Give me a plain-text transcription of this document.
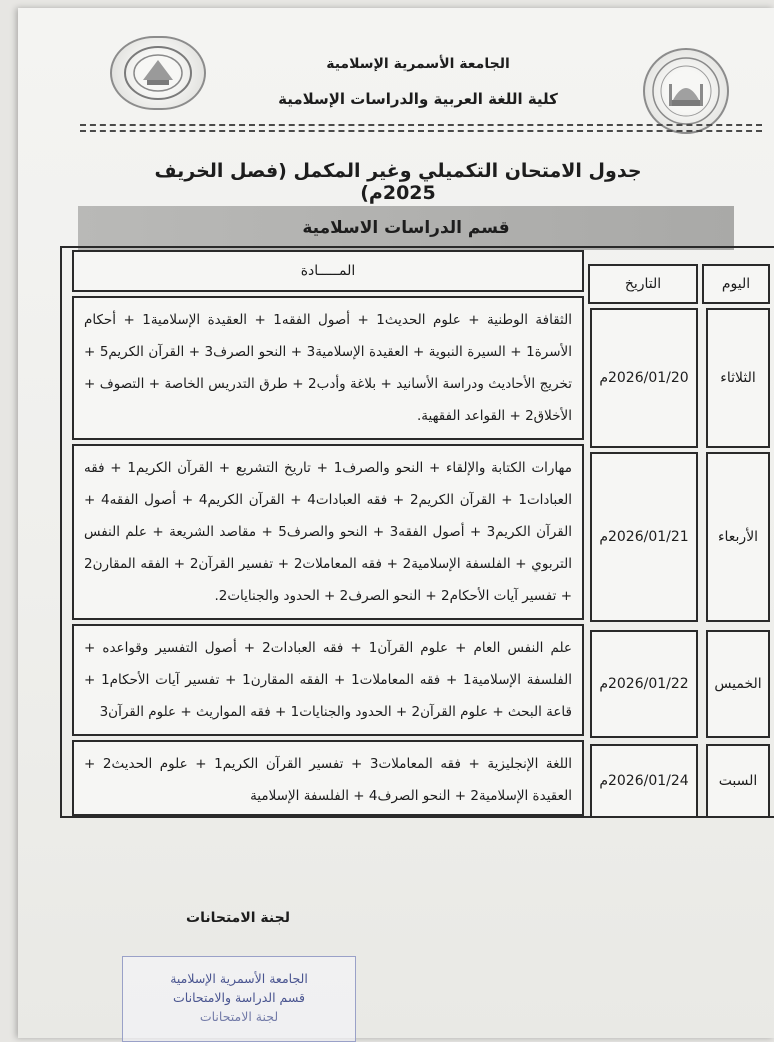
الجامعة الأسمرية الإسلامية
كلية اللغة العربية والدراسات الإسلامية
جدول الامتحان التكميلي وغير المكمل (فصل الخريف 2025م)
قسم الدراسات الاسلامية
اليوم
التاريخ
المـــــادة
الثلاثاء
2026/01/20م
الثقافة الوطنية + علوم الحديث1 + أصول الفقه1 + العقيدة الإسلامية1 + أحكام الأسرة1 + السيرة النبوية + العقيدة الإسلامية3 + النحو الصرف3 + القرآن الكريم5 + تخريج الأحاديث ودراسة الأسانيد + بلاغة وأدب2 + طرق التدريس الخاصة + التصوف + الأخلاق2 + القواعد الفقهية.
الأربعاء
2026/01/21م
مهارات الكتابة والإلقاء + النحو والصرف1 + تاريخ التشريع + القرآن الكريم1 + فقه العبادات1 + القرآن الكريم2 + فقه العبادات4 + القرآن الكريم4 + أصول الفقه4 + القرآن الكريم3 + أصول الفقه3 + النحو والصرف5 + مقاصد الشريعة + علم النفس التربوي + الفلسفة الإسلامية2 + فقه المعاملات2 + تفسير القرآن2 + الفقه المقارن2 + تفسير آيات الأحكام2 + النحو الصرف2 + الحدود والجنايات2.
الخميس
2026/01/22م
علم النفس العام + علوم القرآن1 + فقه العبادات2 + أصول التفسير وقواعده + الفلسفة الإسلامية1 + فقه المعاملات1 + الفقه المقارن1 + تفسير آيات الأحكام1 + قاعة البحث + علوم القرآن2 + الحدود والجنايات1 + فقه المواريث + علوم القرآن3
السبت
2026/01/24م
اللغة الإنجليزية + فقه المعاملات3 + تفسير القرآن الكريم1 + علوم الحديث2 + العقيدة الإسلامية2 + النحو الصرف4 + الفلسفة الإسلامية
لجنة الامتحانات
الجامعة الأسمرية الإسلامية
قسم الدراسة والامتحانات
لجنة الامتحانات
